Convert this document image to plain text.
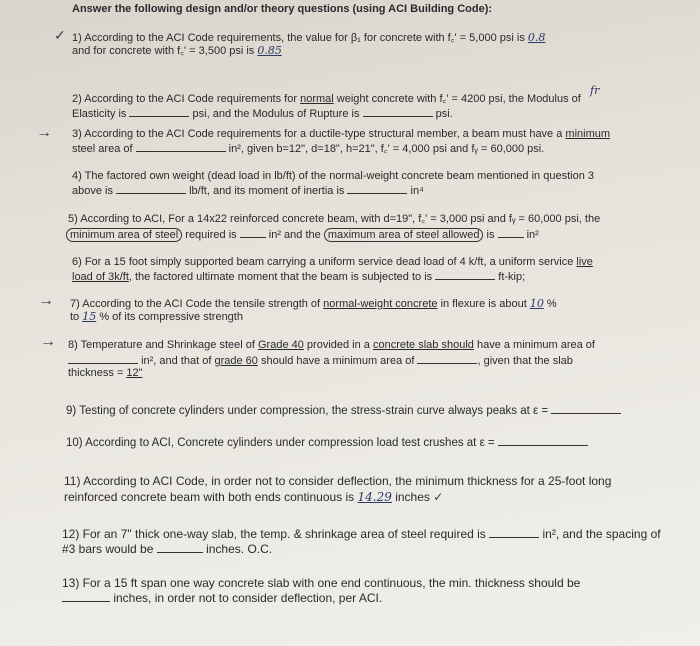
Answer the following design and/or theory questions (using ACI Building Code):
✓ 1) According to the ACI Code requirements, the value for β₁ for concrete with f꜀' = 5,000 psi is 0.8
and for concrete with f꜀' = 3,500 psi is 0.85
fr
2) According to the ACI Code requirements for normal weight concrete with f꜀' = 4200 psi, the Modulus of
Elasticity is	psi, and the Modulus of Rupture is	psi.
→ 3) According to the ACI Code requirements for a ductile-type structural member, a beam must have a minimum
steel area of	in², given b=12", d=18", h=21", f꜀' = 4,000 psi and fᵧ = 60,000 psi.
4) The factored own weight (dead load in lb/ft) of the normal-weight concrete beam mentioned in question 3
above is	lb/ft, and its moment of inertia is	in⁴
5) According to ACI, For a 14x22 reinforced concrete beam, with d=19", f꜀' = 3,000 psi and fᵧ = 60,000 psi, the
minimum area of steel required is	in² and the maximum area of steel allowed is	in²
6) For a 15 foot simply supported beam carrying a uniform service dead load of 4 k/ft, a uniform service live
load of 3k/ft, the factored ultimate moment that the beam is subjected to is	ft-kip;
→ 7) According to the ACI Code the tensile strength of normal-weight concrete in flexure is about 10 %
to 15 % of its compressive strength
→ 8) Temperature and Shrinkage steel of Grade 40 provided in a concrete slab should have a minimum area of
in², and that of grade 60 should have a minimum area of	, given that the slab
thickness = 12"
9) Testing of concrete cylinders under compression, the stress-strain curve always peaks at ε =
10) According to ACI, Concrete cylinders under compression load test crushes at ε =
11) According to ACI Code, in order not to consider deflection, the minimum thickness for a 25-foot long
reinforced concrete beam with both ends continuous is 14.29 inches ✓
12) For an 7" thick one-way slab, the temp. & shrinkage area of steel required is	in², and the spacing of
#3 bars would be	inches. O.C.
13) For a 15 ft span one way concrete slab with one end continuous, the min. thickness should be
inches, in order not to consider deflection, per ACI.
